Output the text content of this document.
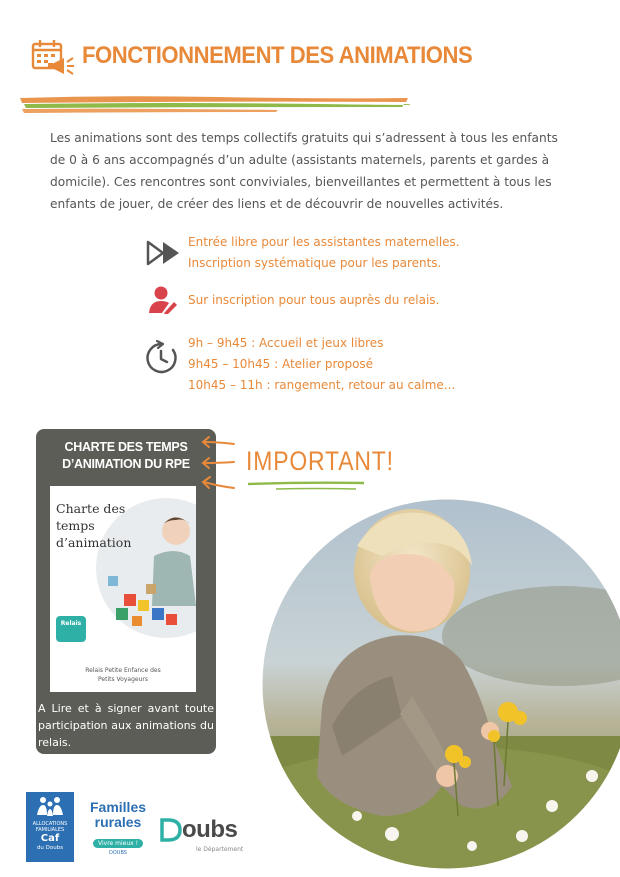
FONCTIONNEMENT DES ANIMATIONS
Les animations sont des temps collectifs gratuits qui s’adressent à tous les enfants
de 0 à 6 ans accompagnés d’un adulte (assistants maternels, parents et gardes à
domicile). Ces rencontres sont conviviales, bienveillantes et permettent à tous les
enfants de jouer, de créer des liens et de découvrir de nouvelles activités.
Entrée libre pour les assistantes maternelles.
Inscription systématique pour les parents.
Sur inscription pour tous auprès du relais.
9h – 9h45 : Accueil et jeux libres
9h45 – 10h45 : Atelier proposé
10h45 – 11h : rangement, retour au calme...
CHARTE DES TEMPS
D’ANIMATION DU RPE
Charte des temps d’animation
Relais
Relais Petite Enfance des
Petits Voyageurs
A Lire et à signer avant toute participation aux animations du relais.
IMPORTANT!
ALLOCATIONS
FAMILIALES
Caf
du Doubs
Familles
rurales
Vivre mieux !
DOUBS
oubs
le Département
